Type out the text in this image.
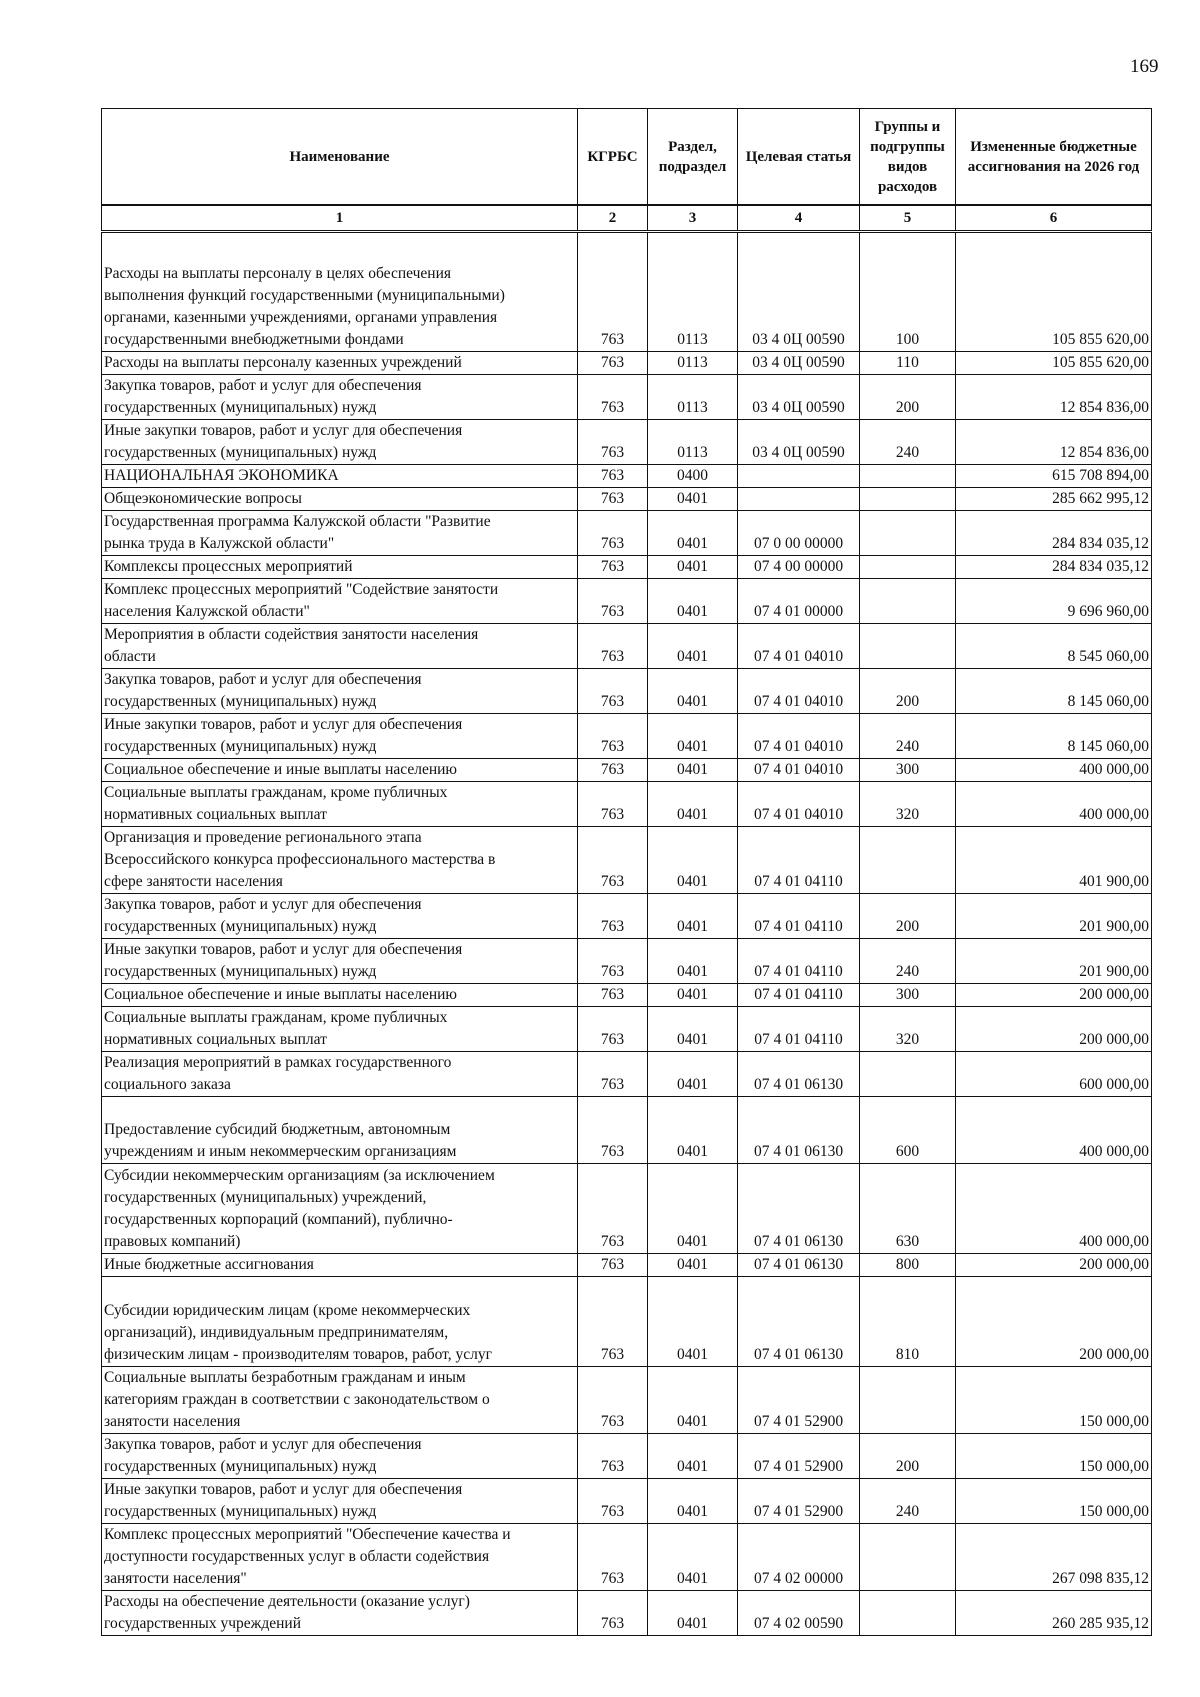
169
Наименование	КГРБС	Раздел, подраздел	Целевая статья	Группы и подгруппы видов расходов	Измененные бюджетные ассигнования на 2026 год
1	2	3	4	5	6

Расходы на выплаты персоналу в целях обеспечения
выполнения функций государственными (муниципальными)
органами, казенными учреждениями, органами управления
государственными внебюджетными фондами	763	0113	03 4 0Ц 00590	100	105 855 620,00
Расходы на выплаты персоналу казенных учреждений	763	0113	03 4 0Ц 00590	110	105 855 620,00

Закупка товаров, работ и услуг для обеспечения
государственных (муниципальных) нужд	763	0113	03 4 0Ц 00590	200	12 854 836,00

Иные закупки товаров, работ и услуг для обеспечения
государственных (муниципальных) нужд	763	0113	03 4 0Ц 00590	240	12 854 836,00
НАЦИОНАЛЬНАЯ ЭКОНОМИКА	763	0400			615 708 894,00
Общеэкономические вопросы	763	0401			285 662 995,12

Государственная программа Калужской области "Развитие
рынка труда в Калужской области"	763	0401	07 0 00 00000		284 834 035,12
Комплексы процессных мероприятий	763	0401	07 4 00 00000		284 834 035,12

Комплекс процессных мероприятий "Содействие занятости
населения Калужской области"	763	0401	07 4 01 00000		9 696 960,00

Мероприятия в области содействия занятости населения
области	763	0401	07 4 01 04010		8 545 060,00

Закупка товаров, работ и услуг для обеспечения
государственных (муниципальных) нужд	763	0401	07 4 01 04010	200	8 145 060,00

Иные закупки товаров, работ и услуг для обеспечения
государственных (муниципальных) нужд	763	0401	07 4 01 04010	240	8 145 060,00
Социальное обеспечение и иные выплаты населению	763	0401	07 4 01 04010	300	400 000,00

Социальные выплаты гражданам, кроме публичных
нормативных социальных выплат	763	0401	07 4 01 04010	320	400 000,00

Организация и проведение регионального этапа
Всероссийского конкурса профессионального мастерства в
сфере занятости населения	763	0401	07 4 01 04110		401 900,00

Закупка товаров, работ и услуг для обеспечения
государственных (муниципальных) нужд	763	0401	07 4 01 04110	200	201 900,00

Иные закупки товаров, работ и услуг для обеспечения
государственных (муниципальных) нужд	763	0401	07 4 01 04110	240	201 900,00
Социальное обеспечение и иные выплаты населению	763	0401	07 4 01 04110	300	200 000,00

Социальные выплаты гражданам, кроме публичных
нормативных социальных выплат	763	0401	07 4 01 04110	320	200 000,00

Реализация мероприятий в рамках государственного
социального заказа	763	0401	07 4 01 06130		600 000,00

Предоставление субсидий бюджетным, автономным
учреждениям и иным некоммерческим организациям	763	0401	07 4 01 06130	600	400 000,00

Субсидии некоммерческим организациям (за исключением
государственных (муниципальных) учреждений,
государственных корпораций (компаний), публично-
правовых компаний)	763	0401	07 4 01 06130	630	400 000,00
Иные бюджетные ассигнования	763	0401	07 4 01 06130	800	200 000,00

Субсидии юридическим лицам (кроме некоммерческих
организаций), индивидуальным предпринимателям,
физическим лицам - производителям товаров, работ, услуг	763	0401	07 4 01 06130	810	200 000,00

Социальные выплаты безработным гражданам и иным
категориям граждан в соответствии с законодательством о
занятости населения	763	0401	07 4 01 52900		150 000,00

Закупка товаров, работ и услуг для обеспечения
государственных (муниципальных) нужд	763	0401	07 4 01 52900	200	150 000,00

Иные закупки товаров, работ и услуг для обеспечения
государственных (муниципальных) нужд	763	0401	07 4 01 52900	240	150 000,00

Комплекс процессных мероприятий "Обеспечение качества и
доступности государственных услуг в области содействия
занятости населения"	763	0401	07 4 02 00000		267 098 835,12

Расходы на обеспечение деятельности (оказание услуг)
государственных учреждений	763	0401	07 4 02 00590		260 285 935,12
